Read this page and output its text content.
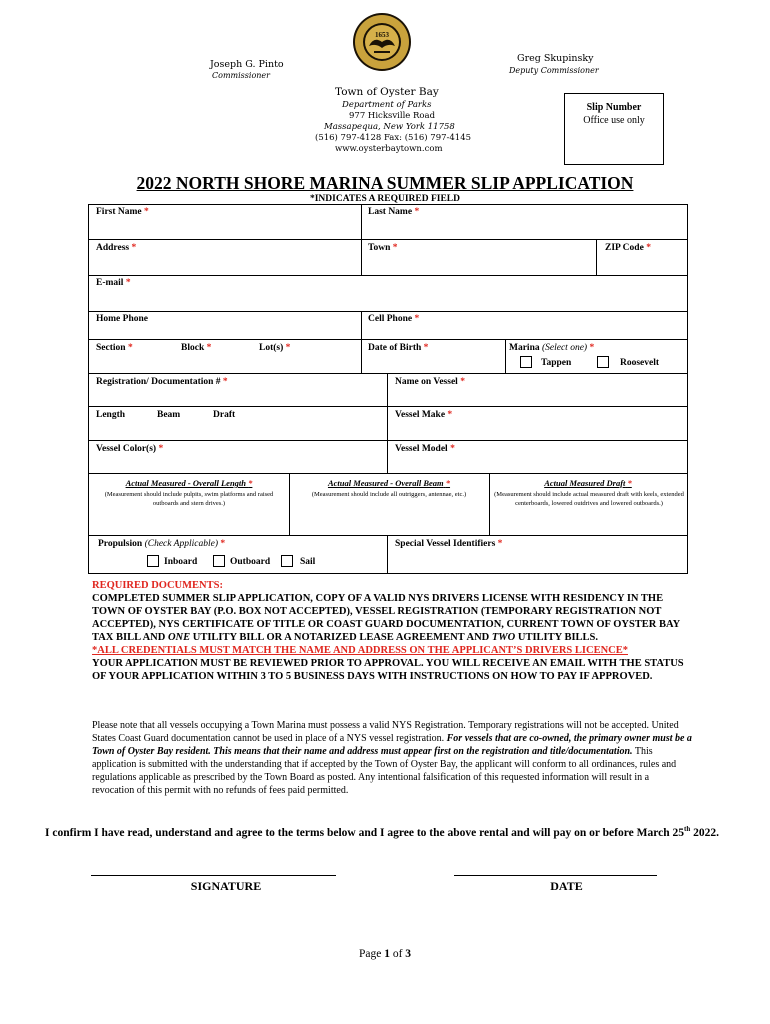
1653
Joseph G. Pinto
Commissioner
Greg Skupinsky
Deputy Commissioner
Town of Oyster Bay
Department of Parks
977 Hicksville Road
Massapequa, New York 11758
(516) 797-4128 Fax: (516) 797-4145
www.oysterbaytown.com
Slip Number
Office use only
2022 NORTH SHORE MARINA SUMMER SLIP APPLICATION
*INDICATES A REQUIRED FIELD
First Name *	Last Name *
Address *	Town *	ZIP Code *
E-mail *
Home Phone	Cell Phone *
Section *	Block *	Lot(s) *	Date of Birth *	Marina (Select one) *
Tappen	Roosevelt
Registration/ Documentation # *	Name on Vessel *
Length	Beam	Draft	Vessel Make *
Vessel Color(s) *	Vessel Model *
Actual Measured - Overall Length *
(Measurement should include pulpits, swim platforms and raised outboards and stern drives.)
Actual Measured - Overall Beam *
(Measurement should include all outriggers, antennae, etc.)
Actual Measured Draft *
(Measurement should include actual measured draft with keels, extended centerboards, lowered outdrives and lowered outboards.)
Propulsion (Check Applicable) *
Inboard	Outboard	Sail
Special Vessel Identifiers *

REQUIRED DOCUMENTS:

COMPLETED SUMMER SLIP APPLICATION, COPY OF A VALID NYS DRIVERS LICENSE WITH RESIDENCY IN THE TOWN OF OYSTER BAY (P.O. BOX NOT ACCEPTED), VESSEL REGISTRATION (TEMPORARY REGISTRATION NOT ACCEPTED), NYS CERTIFICATE OF TITLE OR COAST GUARD DOCUMENTATION, CURRENT TOWN OF OYSTER BAY TAX BILL AND ONE UTILITY BILL OR A NOTARIZED LEASE AGREEMENT AND TWO UTILITY BILLS.

*ALL CREDENTIALS MUST MATCH THE NAME AND ADDRESS ON THE APPLICANT’S DRIVERS LICENCE*

YOUR APPLICATION MUST BE REVIEWED PRIOR TO APPROVAL. YOU WILL RECEIVE AN EMAIL WITH THE STATUS OF YOUR APPLICATION WITHIN 3 TO 5 BUSINESS DAYS WITH INSTRUCTIONS ON HOW TO PAY IF APPROVED.

Please note that all vessels occupying a Town Marina must possess a valid NYS Registration. Temporary registrations will not be accepted. United States Coast Guard documentation cannot be used in place of a NYS vessel registration. For vessels that are co-owned, the primary owner must be a Town of Oyster Bay resident. This means that their name and address must appear first on the registration and title/documentation. This application is submitted with the understanding that if accepted by the Town of Oyster Bay, the applicant will conform to all ordinances, rules and regulations applicable as prescribed by the Town Board as posted. Any intentional falsification of this requested information will result in a revocation of this permit with no refunds of fees paid permitted.
I confirm I have read, understand and agree to the terms below and I agree to the above rental and will pay on or before March 25th 2022.
SIGNATURE	DATE
Page 1 of 3
